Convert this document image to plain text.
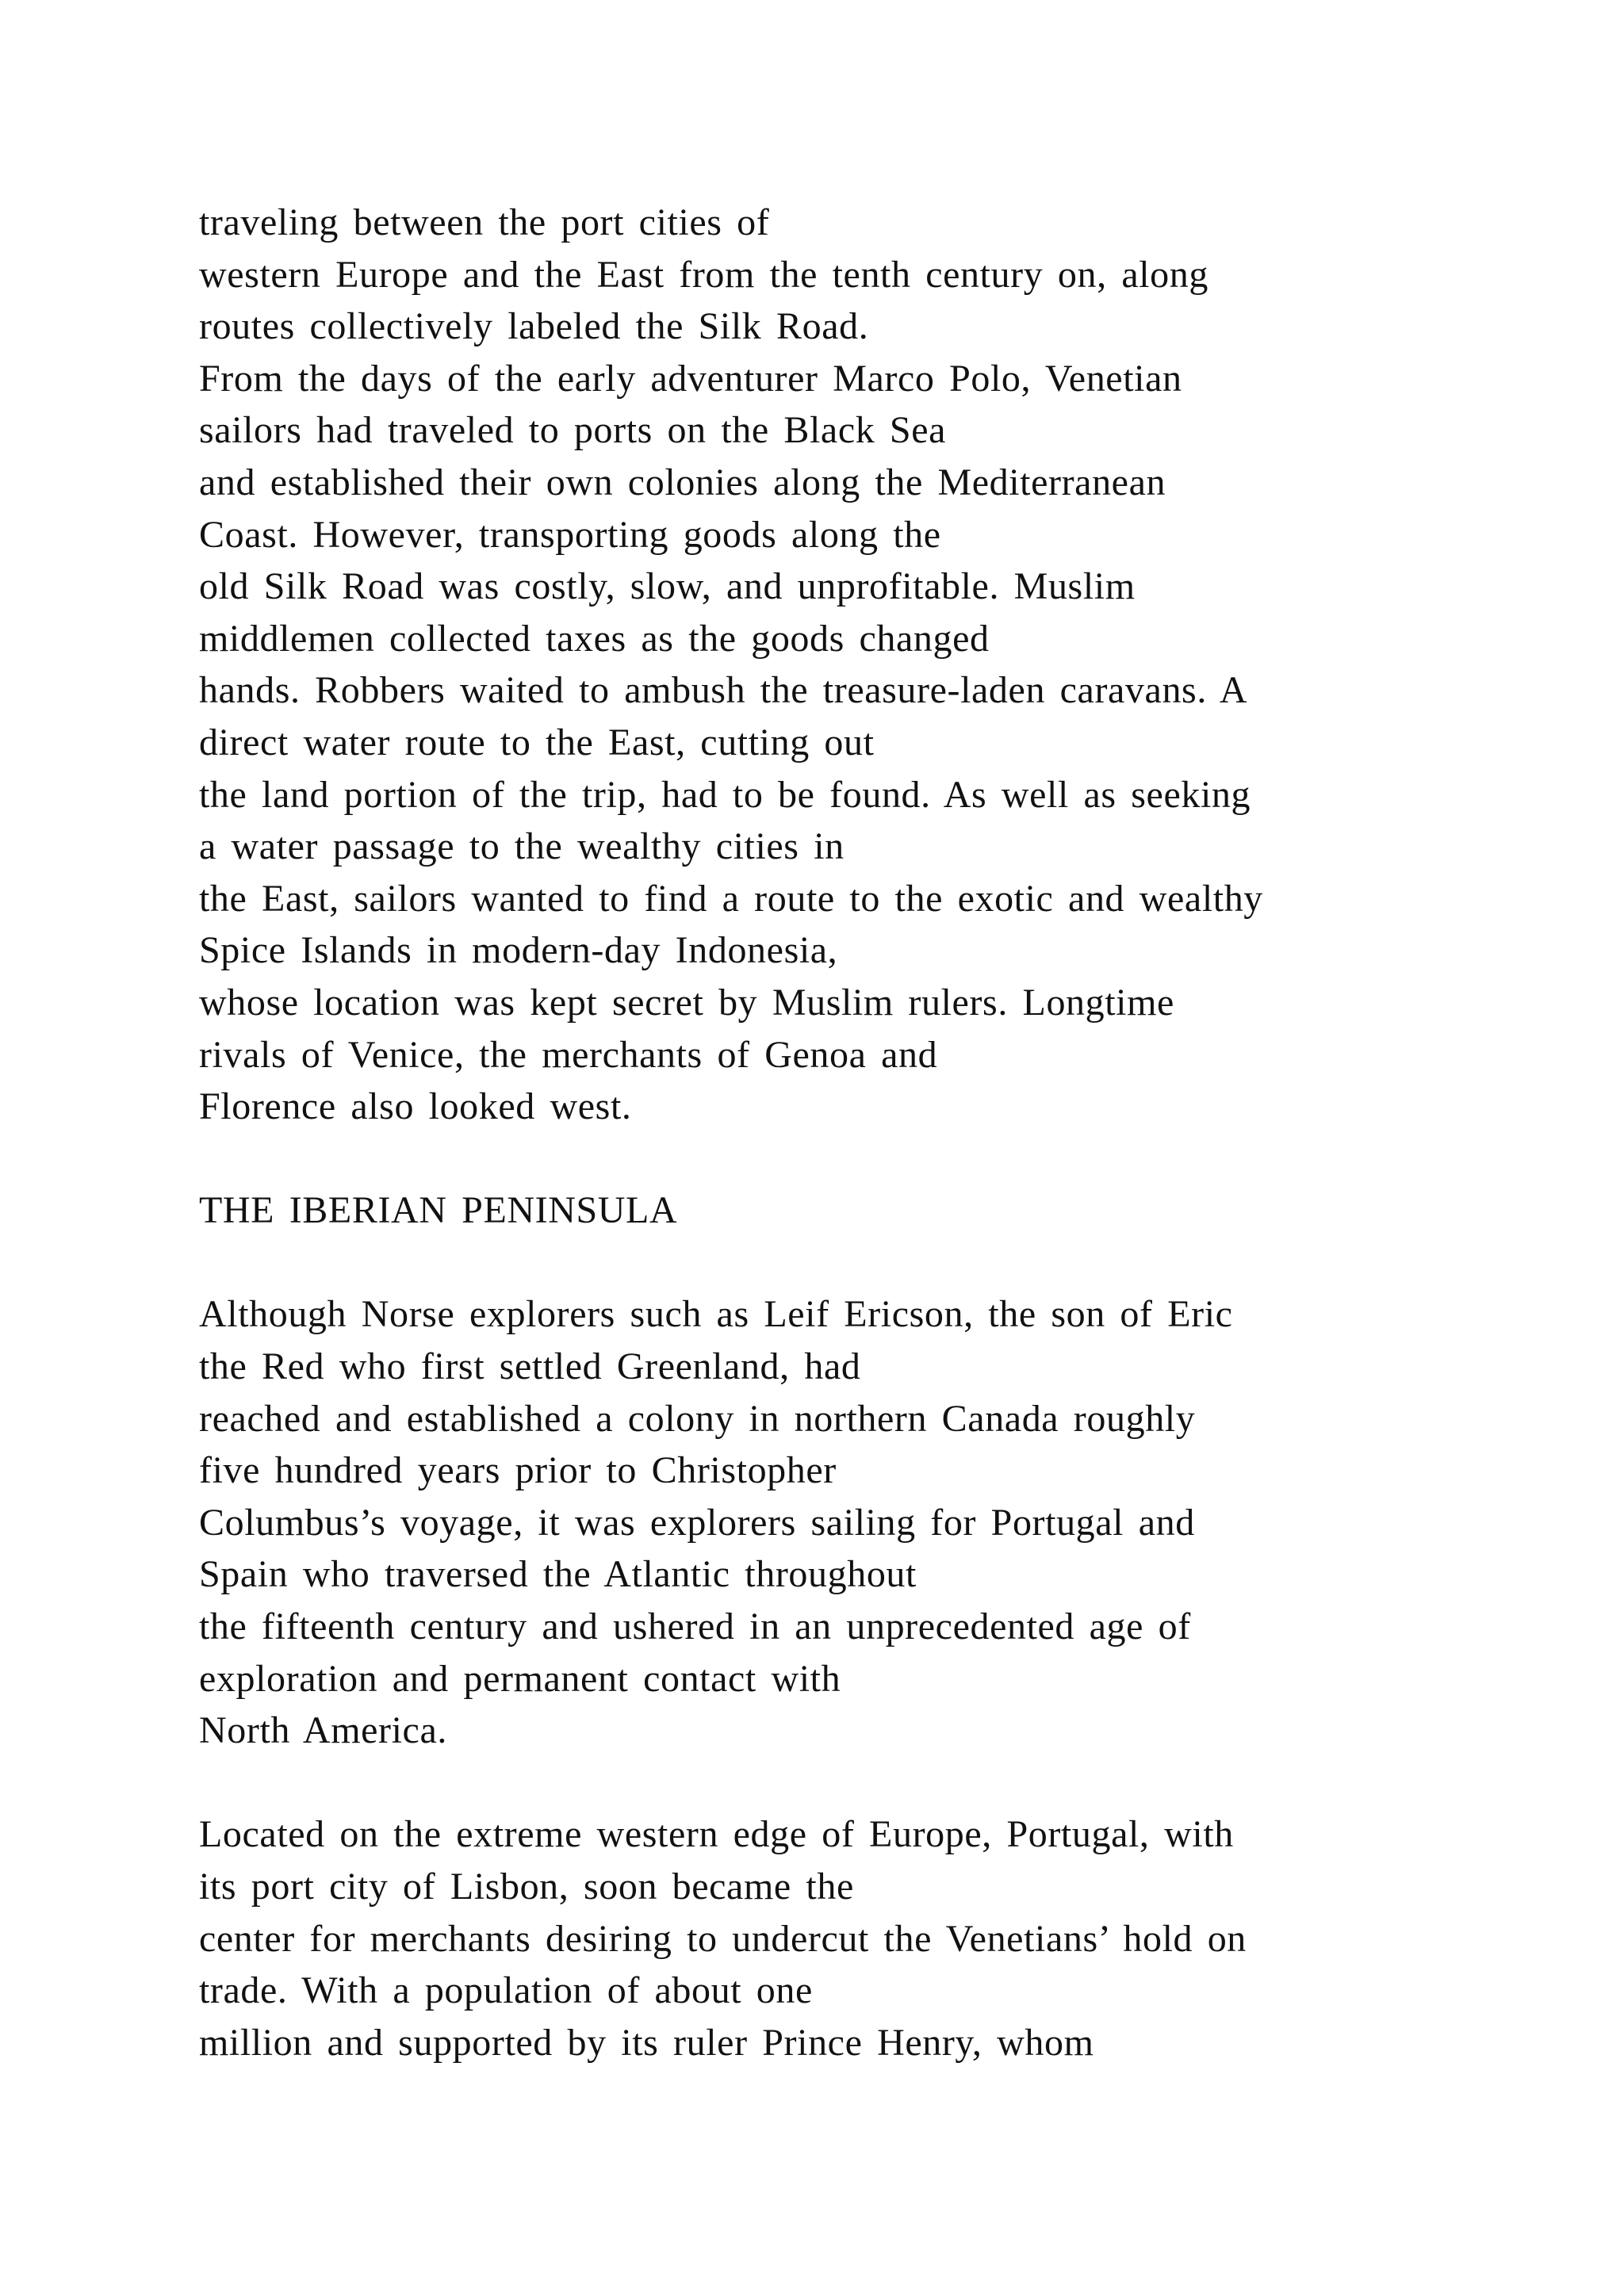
traveling between the port cities of
western Europe and the East from the tenth century on, along
routes collectively labeled the Silk Road.
From the days of the early adventurer Marco Polo, Venetian
sailors had traveled to ports on the Black Sea
and established their own colonies along the Mediterranean
Coast. However, transporting goods along the
old Silk Road was costly, slow, and unprofitable. Muslim
middlemen collected taxes as the goods changed
hands. Robbers waited to ambush the treasure-laden caravans. A
direct water route to the East, cutting out
the land portion of the trip, had to be found. As well as seeking
a water passage to the wealthy cities in
the East, sailors wanted to find a route to the exotic and wealthy
Spice Islands in modern-day Indonesia,
whose location was kept secret by Muslim rulers. Longtime
rivals of Venice, the merchants of Genoa and
Florence also looked west.
THE IBERIAN PENINSULA
Although Norse explorers such as Leif Ericson, the son of Eric
the Red who first settled Greenland, had
reached and established a colony in northern Canada roughly
five hundred years prior to Christopher
Columbus’s voyage, it was explorers sailing for Portugal and
Spain who traversed the Atlantic throughout
the fifteenth century and ushered in an unprecedented age of
exploration and permanent contact with
North America.
Located on the extreme western edge of Europe, Portugal, with
its port city of Lisbon, soon became the
center for merchants desiring to undercut the Venetians’ hold on
trade. With a population of about one
million and supported by its ruler Prince Henry, whom
